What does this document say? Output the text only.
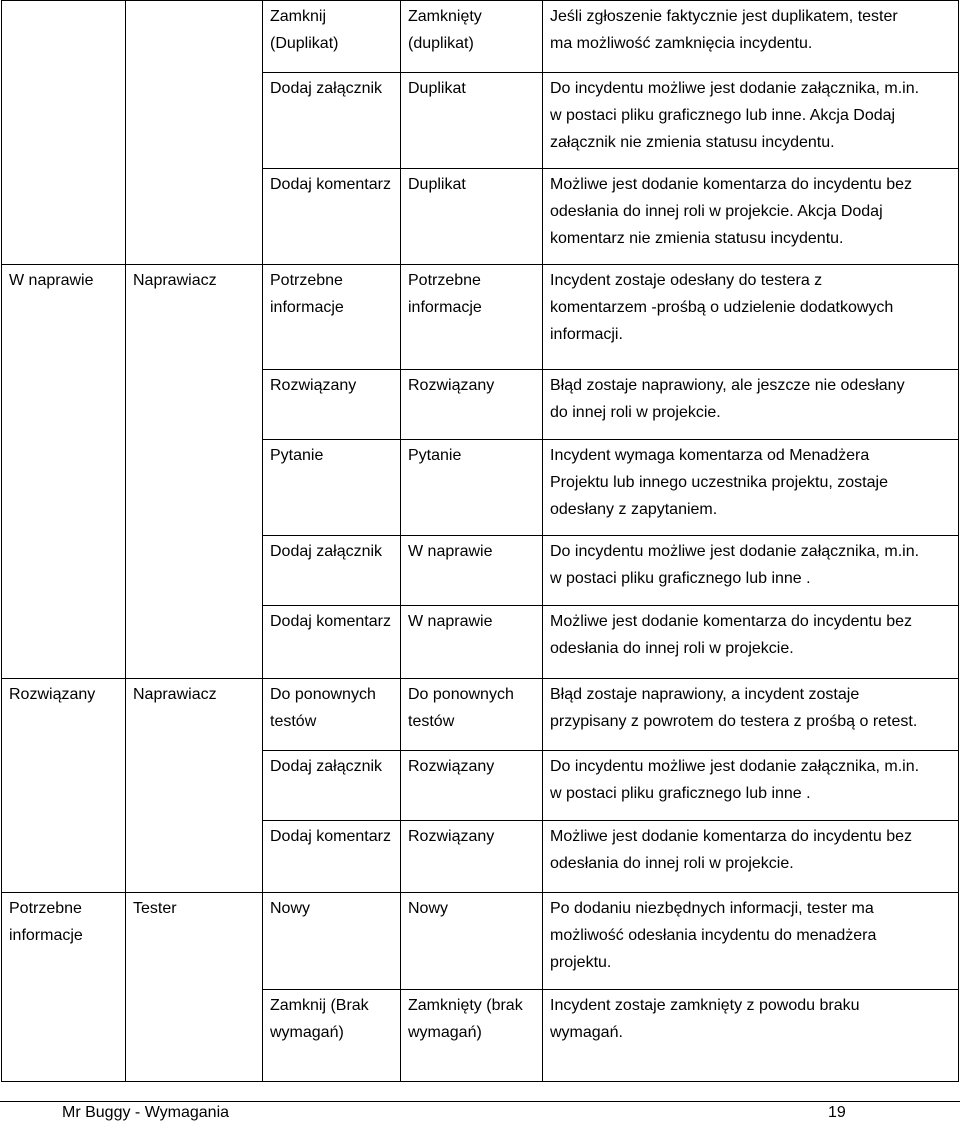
		Zamknij (Duplikat)	Zamknięty (duplikat)	Jeśli zgłoszenie faktycznie jest duplikatem, tester
ma możliwość zamknięcia incydentu.

		Dodaj załącznik	Duplikat	Do incydentu możliwe jest dodanie załącznika, m.in.
w postaci pliku graficznego lub inne. Akcja Dodaj
załącznik nie zmienia statusu incydentu.

		Dodaj komentarz	Duplikat	Możliwe jest dodanie komentarza do incydentu bez
odesłania do innej roli w projekcie. Akcja Dodaj
komentarz nie zmienia statusu incydentu.

W naprawie	Naprawiacz	Potrzebne informacje	Potrzebne informacje	Incydent zostaje odesłany do testera z
komentarzem -prośbą o udzielenie dodatkowych
informacji.

		Rozwiązany	Rozwiązany	Błąd zostaje naprawiony, ale jeszcze nie odesłany
do innej roli w projekcie.

		Pytanie	Pytanie	Incydent wymaga komentarza od Menadżera
Projektu lub innego uczestnika projektu, zostaje
odesłany z zapytaniem.

		Dodaj załącznik	W naprawie	Do incydentu możliwe jest dodanie załącznika, m.in.
w postaci pliku graficznego lub inne .

		Dodaj komentarz	W naprawie	Możliwe jest dodanie komentarza do incydentu bez
odesłania do innej roli w projekcie.

Rozwiązany	Naprawiacz	Do ponownych testów	Do ponownych testów	Błąd zostaje naprawiony, a incydent zostaje
przypisany z powrotem do testera z prośbą o retest.

		Dodaj załącznik	Rozwiązany	Do incydentu możliwe jest dodanie załącznika, m.in.
w postaci pliku graficznego lub inne .

		Dodaj komentarz	Rozwiązany	Możliwe jest dodanie komentarza do incydentu bez
odesłania do innej roli w projekcie.

Potrzebne informacje	Tester	Nowy	Nowy	Po dodaniu niezbędnych informacji, tester ma
możliwość odesłania incydentu do menadżera
projektu.

		Zamknij (Brak wymagań)	Zamknięty (brak wymagań)	Incydent zostaje zamknięty z powodu braku
wymagań.
Mr Buggy - Wymagania	19
